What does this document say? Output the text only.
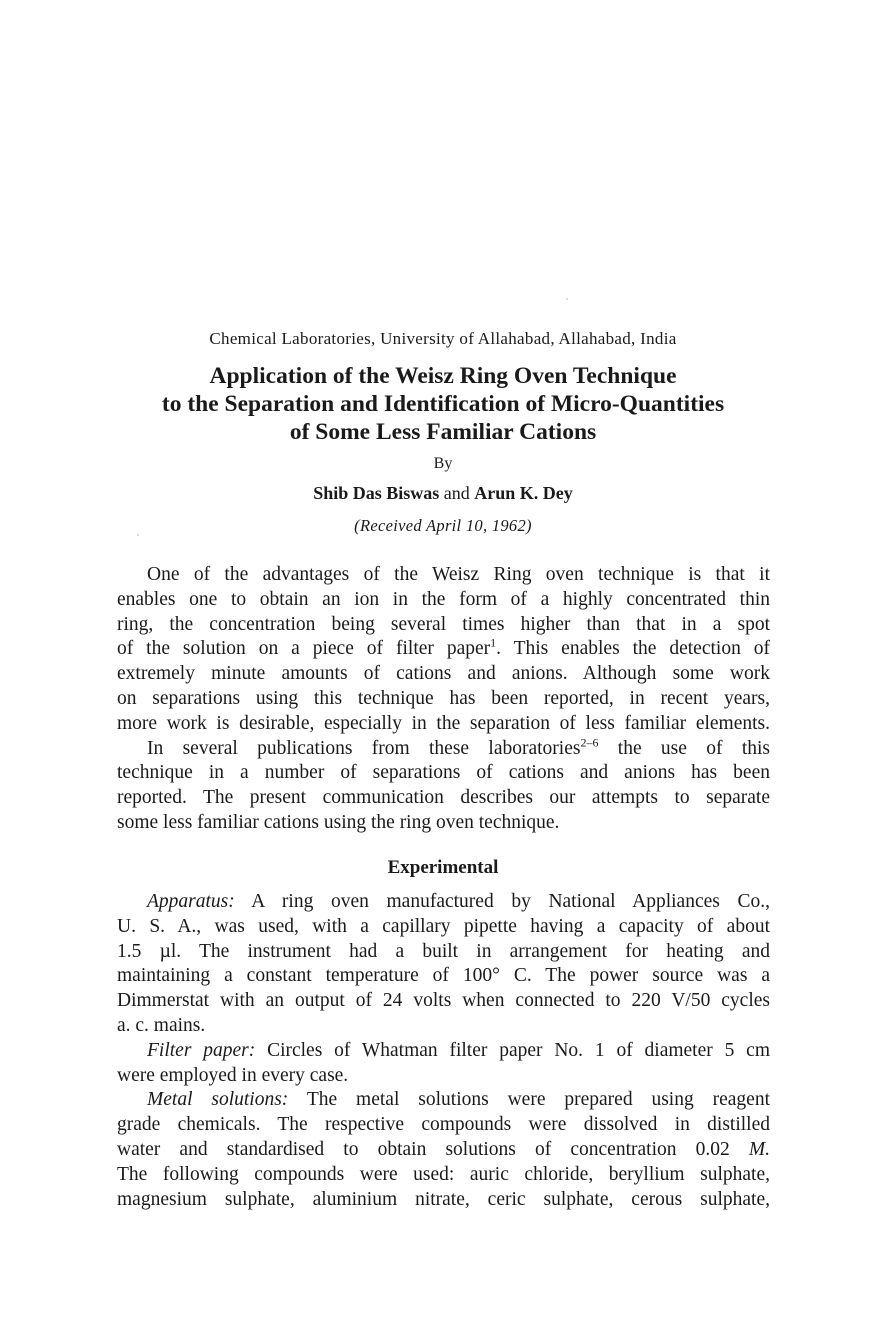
Chemical Laboratories, University of Allahabad, Allahabad, India
Application of the Weisz Ring Oven Technique
to the Separation and Identification of Micro-Quantities
of Some Less Familiar Cations
By
Shib Das Biswas and Arun K. Dey
(Received April 10, 1962)
One of the advantages of the Weisz Ring oven technique is that it
enables one to obtain an ion in the form of a highly concentrated thin
ring, the concentration being several times higher than that in a spot
of the solution on a piece of filter paper$^1$. This enables the detection of
extremely minute amounts of cations and anions. Although some work
on separations using this technique has been reported, in recent years,
more work is desirable, especially in the separation of less familiar elements.
In several publications from these laboratories$^{2-6}$ the use of this
technique in a number of separations of cations and anions has been
reported. The present communication describes our attempts to separate
some less familiar cations using the ring oven technique.
Experimental
Apparatus: A ring oven manufactured by National Appliances Co.,
U. S. A., was used, with a capillary pipette having a capacity of about
1.5 µl. The instrument had a built in arrangement for heating and
maintaining a constant temperature of 100° C. The power source was a
Dimmerstat with an output of 24 volts when connected to 220 V/50 cycles
a. c. mains.
Filter paper: Circles of Whatman filter paper No. 1 of diameter 5 cm
were employed in every case.
Metal solutions: The metal solutions were prepared using reagent
grade chemicals. The respective compounds were dissolved in distilled
water and standardised to obtain solutions of concentration 0.02 M.
The following compounds were used: auric chloride, beryllium sulphate,
magnesium sulphate, aluminium nitrate, ceric sulphate, cerous sulphate,
